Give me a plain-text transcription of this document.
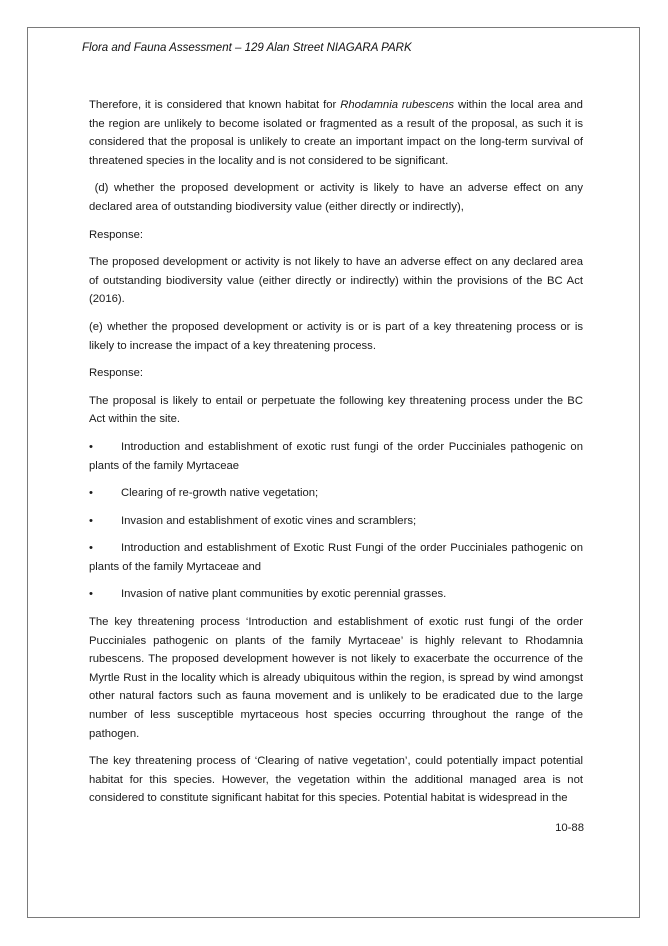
Flora and Fauna Assessment – 129 Alan Street NIAGARA PARK

Therefore, it is considered that known habitat for Rhodamnia rubescens within the local area and the region are unlikely to become isolated or fragmented as a result of the proposal, as such it is considered that the proposal is unlikely to create an important impact on the long-term survival of threatened species in the locality and is not considered to be significant.

(d) whether the proposed development or activity is likely to have an adverse effect on any declared area of outstanding biodiversity value (either directly or indirectly),

Response:

The proposed development or activity is not likely to have an adverse effect on any declared area of outstanding biodiversity value (either directly or indirectly) within the provisions of the BC Act (2016).

(e) whether the proposed development or activity is or is part of a key threatening process or is likely to increase the impact of a key threatening process.

Response:

The proposal is likely to entail or perpetuate the following key threatening process under the BC Act within the site.

• Introduction and establishment of exotic rust fungi of the order Pucciniales pathogenic on plants of the family Myrtaceae
• Clearing of re-growth native vegetation;
• Invasion and establishment of exotic vines and scramblers;
• Introduction and establishment of Exotic Rust Fungi of the order Pucciniales pathogenic on plants of the family Myrtaceae and
• Invasion of native plant communities by exotic perennial grasses.

The key threatening process ‘Introduction and establishment of exotic rust fungi of the order Pucciniales pathogenic on plants of the family Myrtaceae’ is highly relevant to Rhodamnia rubescens. The proposed development however is not likely to exacerbate the occurrence of the Myrtle Rust in the locality which is already ubiquitous within the region, is spread by wind amongst other natural factors such as fauna movement and is unlikely to be eradicated due to the large number of less susceptible myrtaceous host species occurring throughout the range of the pathogen.

The key threatening process of ‘Clearing of native vegetation’, could potentially impact potential habitat for this species. However, the vegetation within the additional managed area is not considered to constitute significant habitat for this species. Potential habitat is widespread in the

10-88
